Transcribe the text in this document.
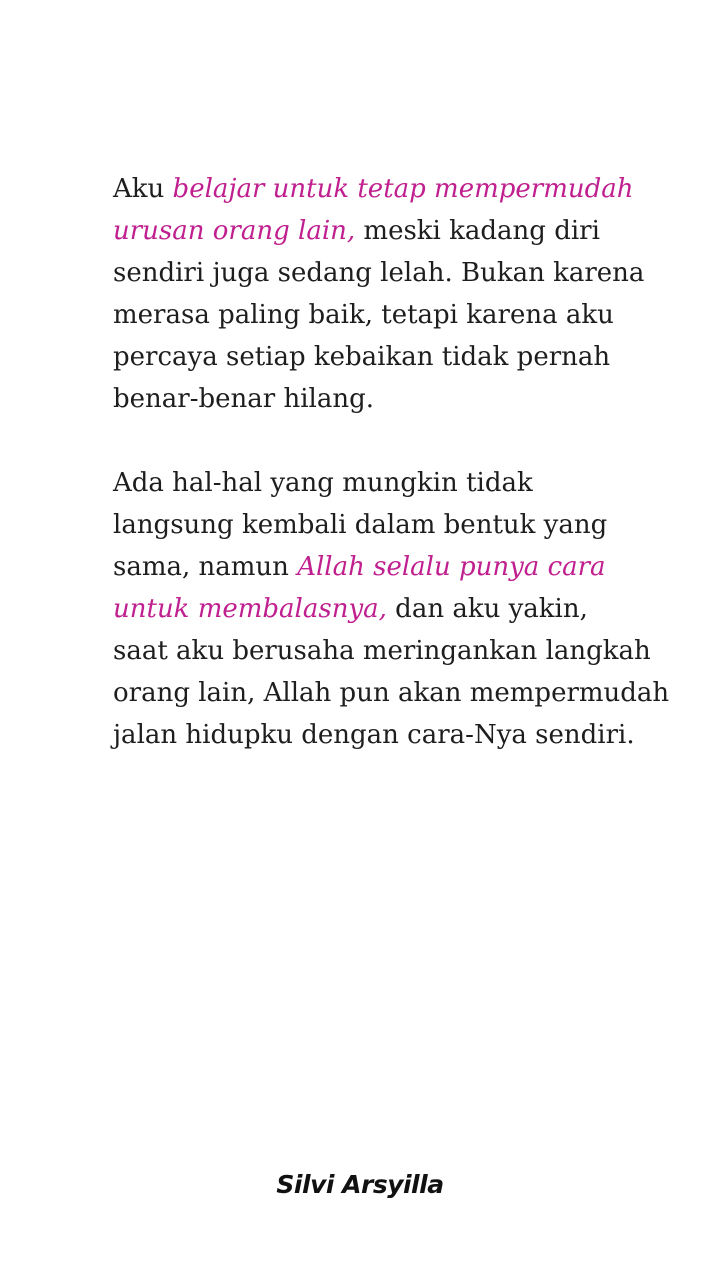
Aku belajar untuk tetap mempermudah
urusan orang lain, meski kadang diri
sendiri juga sedang lelah. Bukan karena
merasa paling baik, tetapi karena aku
percaya setiap kebaikan tidak pernah
benar-benar hilang.

Ada hal-hal yang mungkin tidak
langsung kembali dalam bentuk yang
sama, namun Allah selalu punya cara
untuk membalasnya, dan aku yakin,
saat aku berusaha meringankan langkah
orang lain, Allah pun akan mempermudah
jalan hidupku dengan cara-Nya sendiri.

Silvi Arsyilla
